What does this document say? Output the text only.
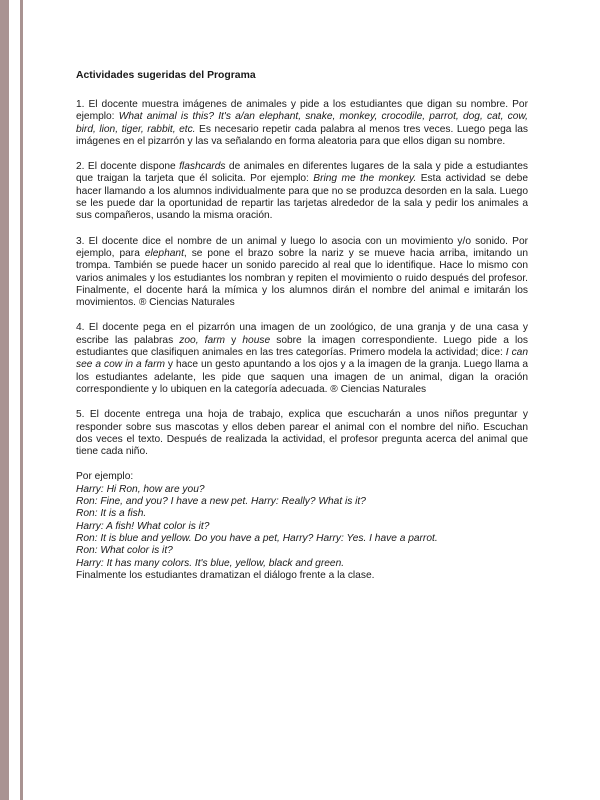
Actividades sugeridas del Programa

1. El docente muestra imágenes de animales y pide a los estudiantes que digan su nombre. Por ejemplo: What animal is this? It's a/an elephant, snake, monkey, crocodile, parrot, dog, cat, cow, bird, lion, tiger, rabbit, etc. Es necesario repetir cada palabra al menos tres veces. Luego pega las imágenes en el pizarrón y las va señalando en forma aleatoria para que ellos digan su nombre.

2. El docente dispone flashcards de animales en diferentes lugares de la sala y pide a estudiantes que traigan la tarjeta que él solicita. Por ejemplo: Bring me the monkey. Esta actividad se debe hacer llamando a los alumnos individualmente para que no se produzca desorden en la sala. Luego se les puede dar la oportunidad de repartir las tarjetas alrededor de la sala y pedir los animales a sus compañeros, usando la misma oración.

3. El docente dice el nombre de un animal y luego lo asocia con un movimiento y/o sonido. Por ejemplo, para elephant, se pone el brazo sobre la nariz y se mueve hacia arriba, imitando un trompa. También se puede hacer un sonido parecido al real que lo identifique. Hace lo mismo con varios animales y los estudiantes los nombran y repiten el movimiento o ruido después del profesor. Finalmente, el docente hará la mímica y los alumnos dirán el nombre del animal e imitarán los movimientos. ® Ciencias Naturales

4. El docente pega en el pizarrón una imagen de un zoológico, de una granja y de una casa y escribe las palabras zoo, farm y house sobre la imagen correspondiente. Luego pide a los estudiantes que clasifiquen animales en las tres categorías. Primero modela la actividad; dice: I can see a cow in a farm y hace un gesto apuntando a los ojos y a la imagen de la granja. Luego llama a los estudiantes adelante, les pide que saquen una imagen de un animal, digan la oración correspondiente y lo ubiquen en la categoría adecuada. ® Ciencias Naturales

5. El docente entrega una hoja de trabajo, explica que escucharán a unos niños preguntar y responder sobre sus mascotas y ellos deben parear el animal con el nombre del niño. Escuchan dos veces el texto. Después de realizada la actividad, el profesor pregunta acerca del animal que tiene cada niño.

Por ejemplo:
Harry: Hi Ron, how are you?
Ron: Fine, and you? I have a new pet. Harry: Really? What is it?
Ron: It is a fish.
Harry: A fish! What color is it?
Ron: It is blue and yellow. Do you have a pet, Harry? Harry: Yes. I have a parrot.
Ron: What color is it?
Harry: It has many colors. It's blue, yellow, black and green.
Finalmente los estudiantes dramatizan el diálogo frente a la clase.
